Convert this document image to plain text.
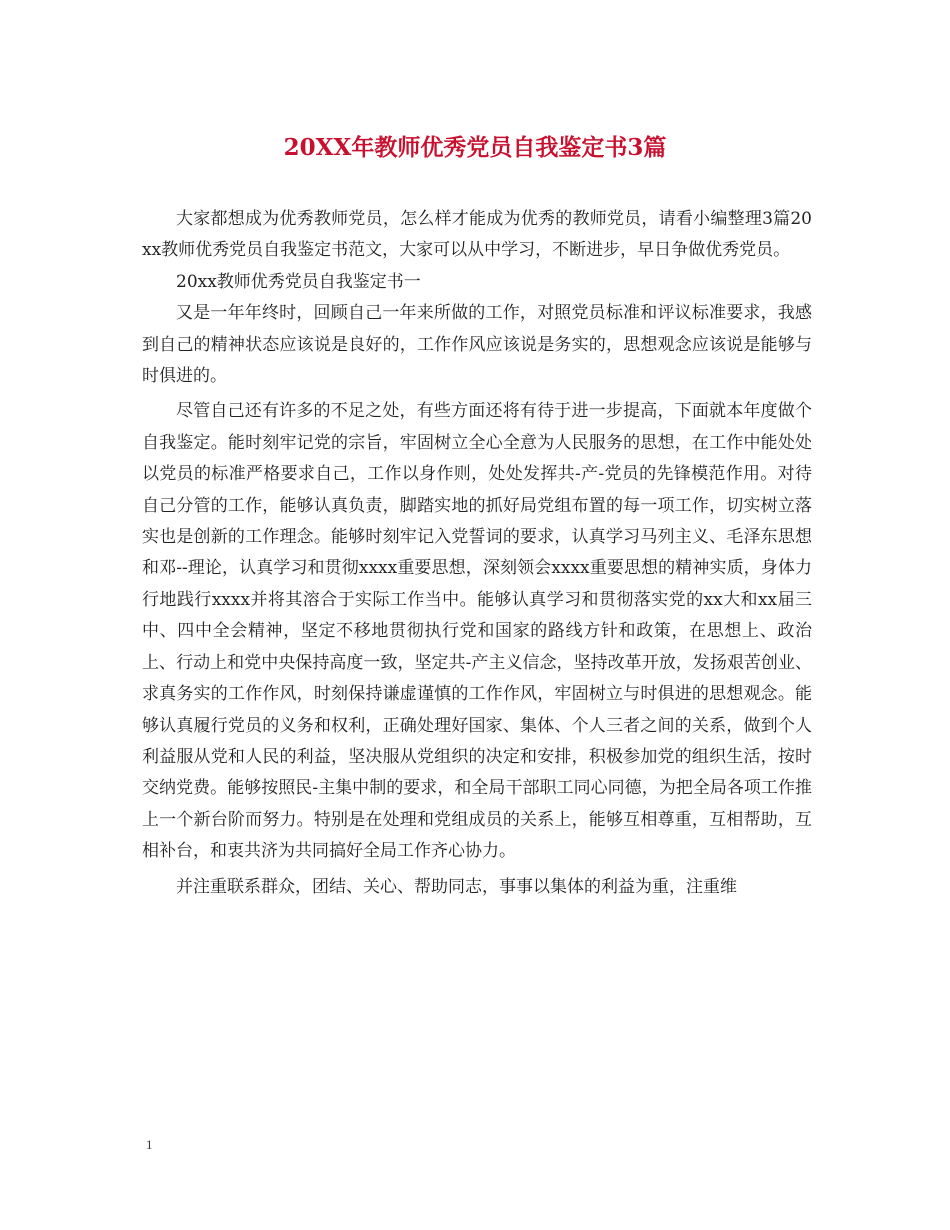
20XX年教师优秀党员自我鉴定书3篇

大家都想成为优秀教师党员，怎么样才能成为优秀的教师党员，请看小编整理3篇20xx教师优秀党员自我鉴定书范文，大家可以从中学习，不断进步，早日争做优秀党员。

20xx教师优秀党员自我鉴定书一

又是一年年终时，回顾自己一年来所做的工作，对照党员标准和评议标准要求，我感到自己的精神状态应该说是良好的，工作作风应该说是务实的，思想观念应该说是能够与时俱进的。

尽管自己还有许多的不足之处，有些方面还将有待于进一步提高，下面就本年度做个自我鉴定。能时刻牢记党的宗旨，牢固树立全心全意为人民服务的思想，在工作中能处处以党员的标准严格要求自己，工作以身作则，处处发挥共-产-党员的先锋模范作用。对待自己分管的工作，能够认真负责，脚踏实地的抓好局党组布置的每一项工作，切实树立落实也是创新的工作理念。能够时刻牢记入党誓词的要求，认真学习马列主义、毛泽东思想和邓--理论，认真学习和贯彻xxxx重要思想，深刻领会xxxx重要思想的精神实质，身体力行地践行xxxx并将其溶合于实际工作当中。能够认真学习和贯彻落实党的xx大和xx届三中、四中全会精神，坚定不移地贯彻执行党和国家的路线方针和政策，在思想上、政治上、行动上和党中央保持高度一致，坚定共-产主义信念，坚持改革开放，发扬艰苦创业、求真务实的工作作风，时刻保持谦虚谨慎的工作作风，牢固树立与时俱进的思想观念。能够认真履行党员的义务和权利，正确处理好国家、集体、个人三者之间的关系，做到个人利益服从党和人民的利益，坚决服从党组织的决定和安排，积极参加党的组织生活，按时交纳党费。能够按照民-主集中制的要求，和全局干部职工同心同德，为把全局各项工作推上一个新台阶而努力。特别是在处理和党组成员的关系上，能够互相尊重，互相帮助，互相补台，和衷共济为共同搞好全局工作齐心协力。

并注重联系群众，团结、关心、帮助同志，事事以集体的利益为重，注重维

1
